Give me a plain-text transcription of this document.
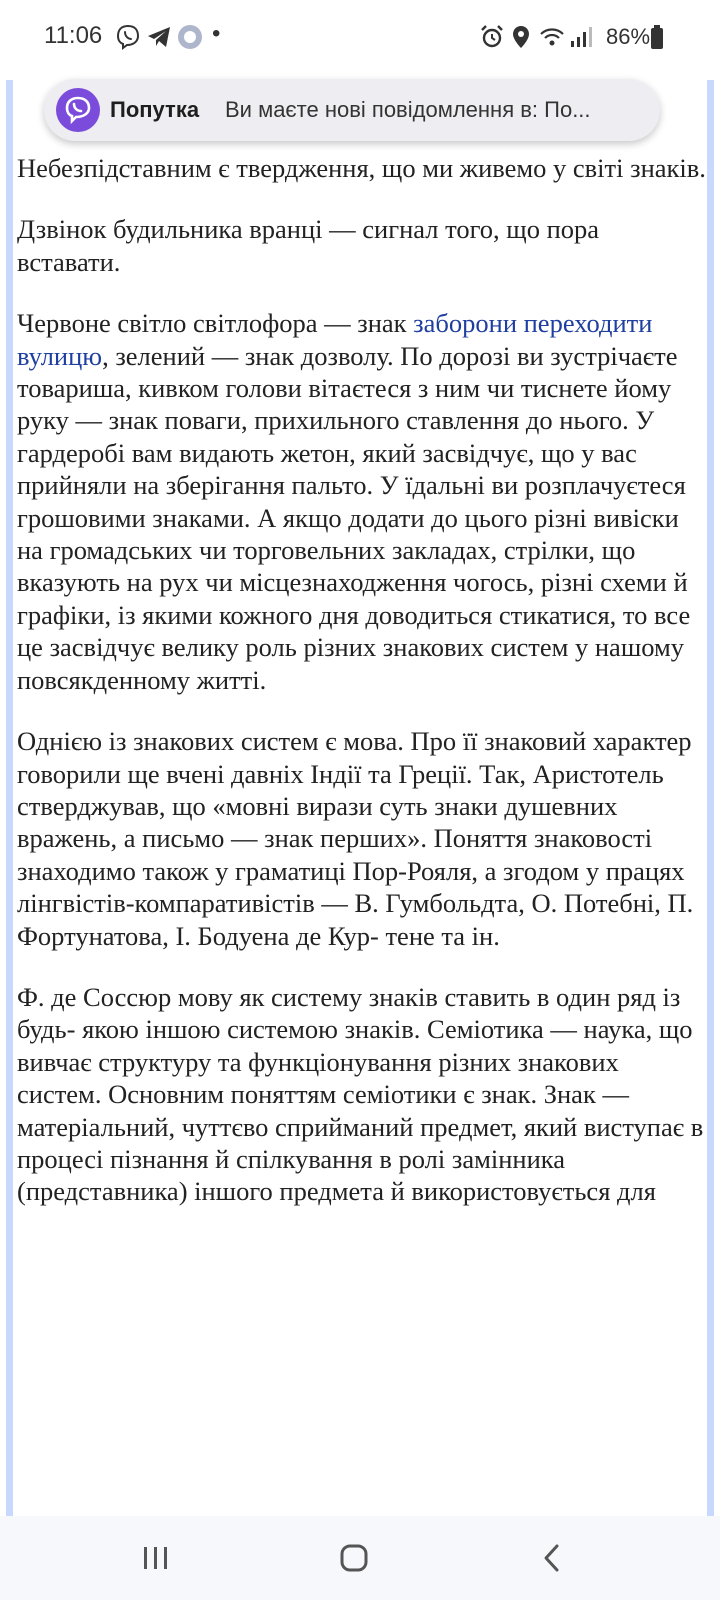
11:06	•	86%

Небезпідставним є твердження, що ми живемо у світі знаків.

Дзвінок будильника вранці — сигнал того, що пора вставати.

Червоне світло світлофора — знак заборони переходити вулицю, зелений — знак дозволу. По дорозі ви зустрічаєте товариша, кивком голови вітаєтеся з ним чи тиснете йому руку — знак поваги, прихильного ставлення до нього. У гардеробі вам видають жетон, який засвідчує, що у вас прийняли на зберігання пальто. У їдальні ви розплачуєтеся грошовими знаками. А якщо додати до цього різні вивіски на громадських чи торговельних закладах, стрілки, що вказують на рух чи місцезнаходження чогось, різні схеми й графіки, із якими кожного дня доводиться стикатися, то все це засвідчує велику роль різних знакових систем у нашому повсякденному житті.

Однією із знакових систем є мова. Про її знаковий характер говорили ще вчені давніх Індії та Греції. Так, Аристотель стверджував, що «мовні вирази суть знаки душевних вражень, а письмо — знак перших». Поняття знаковості знаходимо також у граматиці Пор-Рояля, а згодом у працях лінгвістів-компаративістів — В. Гумбольдта, О. Потебні, П. Фортунатова, І. Бодуена де Кур- тене та ін.

Ф. де Соссюр мову як систему знаків ставить в один ряд із будь- якою іншою системою знаків. Семіотика — наука, що вивчає структуру та функціонування різних знакових систем. Основним поняттям семіотики є знак. Знак — матеріальний, чуттєво сприйманий предмет, який виступає в процесі пізнання й спілкування в ролі замінника (представника) іншого предмета й використовується для

Попутка Ви маєте нові повідомлення в: По...
